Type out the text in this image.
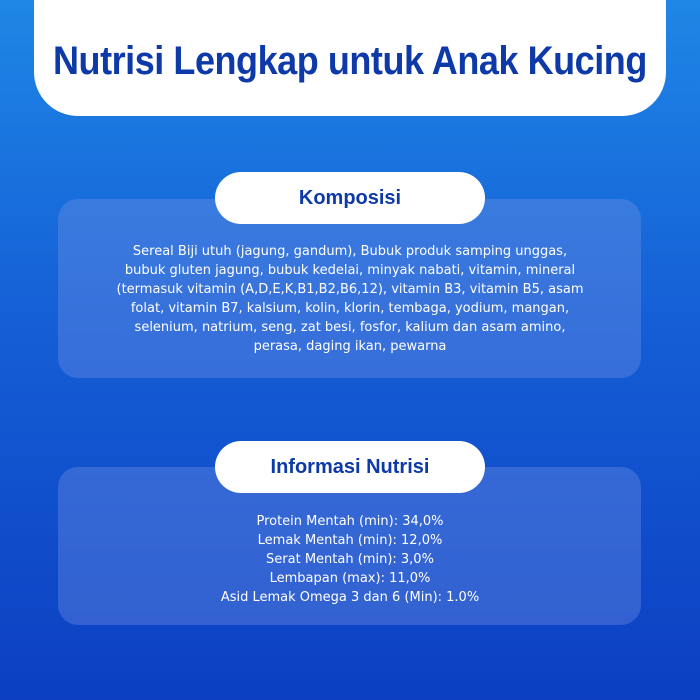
Nutrisi Lengkap untuk Anak Kucing
Komposisi
Sereal Biji utuh (jagung, gandum), Bubuk produk samping unggas,
bubuk gluten jagung, bubuk kedelai, minyak nabati, vitamin, mineral
(termasuk vitamin (A,D,E,K,B1,B2,B6,12), vitamin B3, vitamin B5, asam
folat, vitamin B7, kalsium, kolin, klorin, tembaga, yodium, mangan,
selenium, natrium, seng, zat besi, fosfor, kalium dan asam amino,
perasa, daging ikan, pewarna
Informasi Nutrisi
Protein Mentah (min): 34,0%
Lemak Mentah (min): 12,0%
Serat Mentah (min): 3,0%
Lembapan (max): 11,0%
Asid Lemak Omega 3 dan 6 (Min): 1.0%
